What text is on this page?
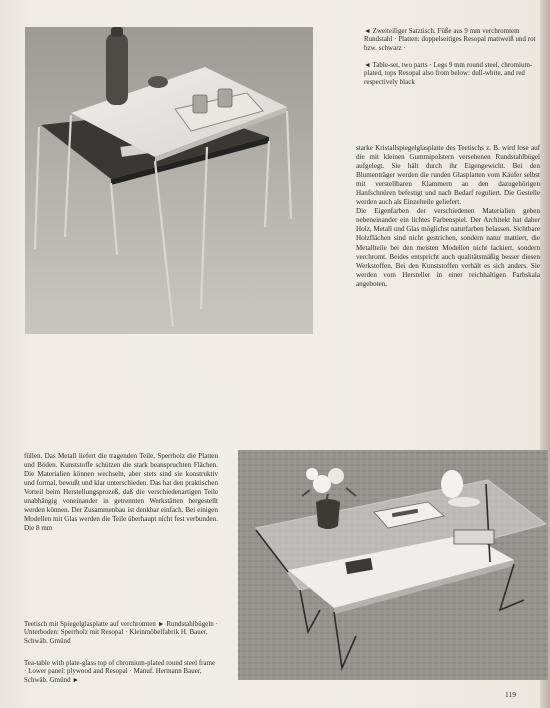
◄ Zweiteiliger Satztisch. Füße aus 9 mm verchromtem Rundstahl · Platten: doppelseitiges Resopal mattweiß und rot bzw. schwarz ·
◄ Table-set, two parts · Legs 9 mm round steel, chromium-plated, tops Resopal also from below: dull-white, and red respectively black
starke Kristallspiegelglasplatte des Teetischs z. B. wird lose auf die mit kleinen Gummipolstern versehenen Rundstahlbügel aufgelegt. Sie hält durch ihr Eigengewicht. Bei den Blumenträger werden die runden Glasplatten vom Käufer selbst mit verstellbaren Klammern an den dazugehörigen Hanfschnüren befestigt und nach Bedarf reguliert. Die Gestelle werden auch als Einzelteile geliefert.
Die Eigenfarben der verschiedenen Materialien geben nebeneinander ein lichtes Farbenspiel. Der Architekt hat daher Holz, Metall und Glas möglichst naturfarben belassen. Sichtbare Holzflächen sind nicht gestrichen, sondern natur mattiert, die Metallteile bei den meisten Modellen nicht lackiert, sondern verchromt. Beides entspricht auch qualitätsmäßig besser diesen Werkstoffen. Bei den Kunststoffen verhält es sich anders. Sie werden vom Hersteller in einer reichhaltigen Farbskala angeboten,
füllen. Das Metall liefert die tragenden Teile, Sperrholz die Platten und Böden. Kunststoffe schützen die stark beanspruchten Flächen. Die Materialien können wechseln, aber stets sind sie konstruktiv und formal, bewußt und klar unterschieden. Das hat den praktischen Vorteil beim Herstellungsprozeß, daß die verschiedenartigen Teile unabhängig voneinander in getrennten Werkstätten hergestellt werden können. Der Zusammenbau ist denkbar einfach. Bei einigen Modellen mit Glas werden die Teile überhaupt nicht fest verbunden. Die 8 mm
Teetisch mit Spiegelglasplatte auf verchromten ► Rundstahlbügeln · Unterboden: Sperrholz mit Resopal · Kleinmöbelfabrik H. Bauer, Schwäb. Gmünd
Tea-table with plate-glass top of chromium-plated round steel frame · Lower panel: plywood and Resopal · Manuf. Hermann Bauer, Schwäb. Gmünd ►
119
